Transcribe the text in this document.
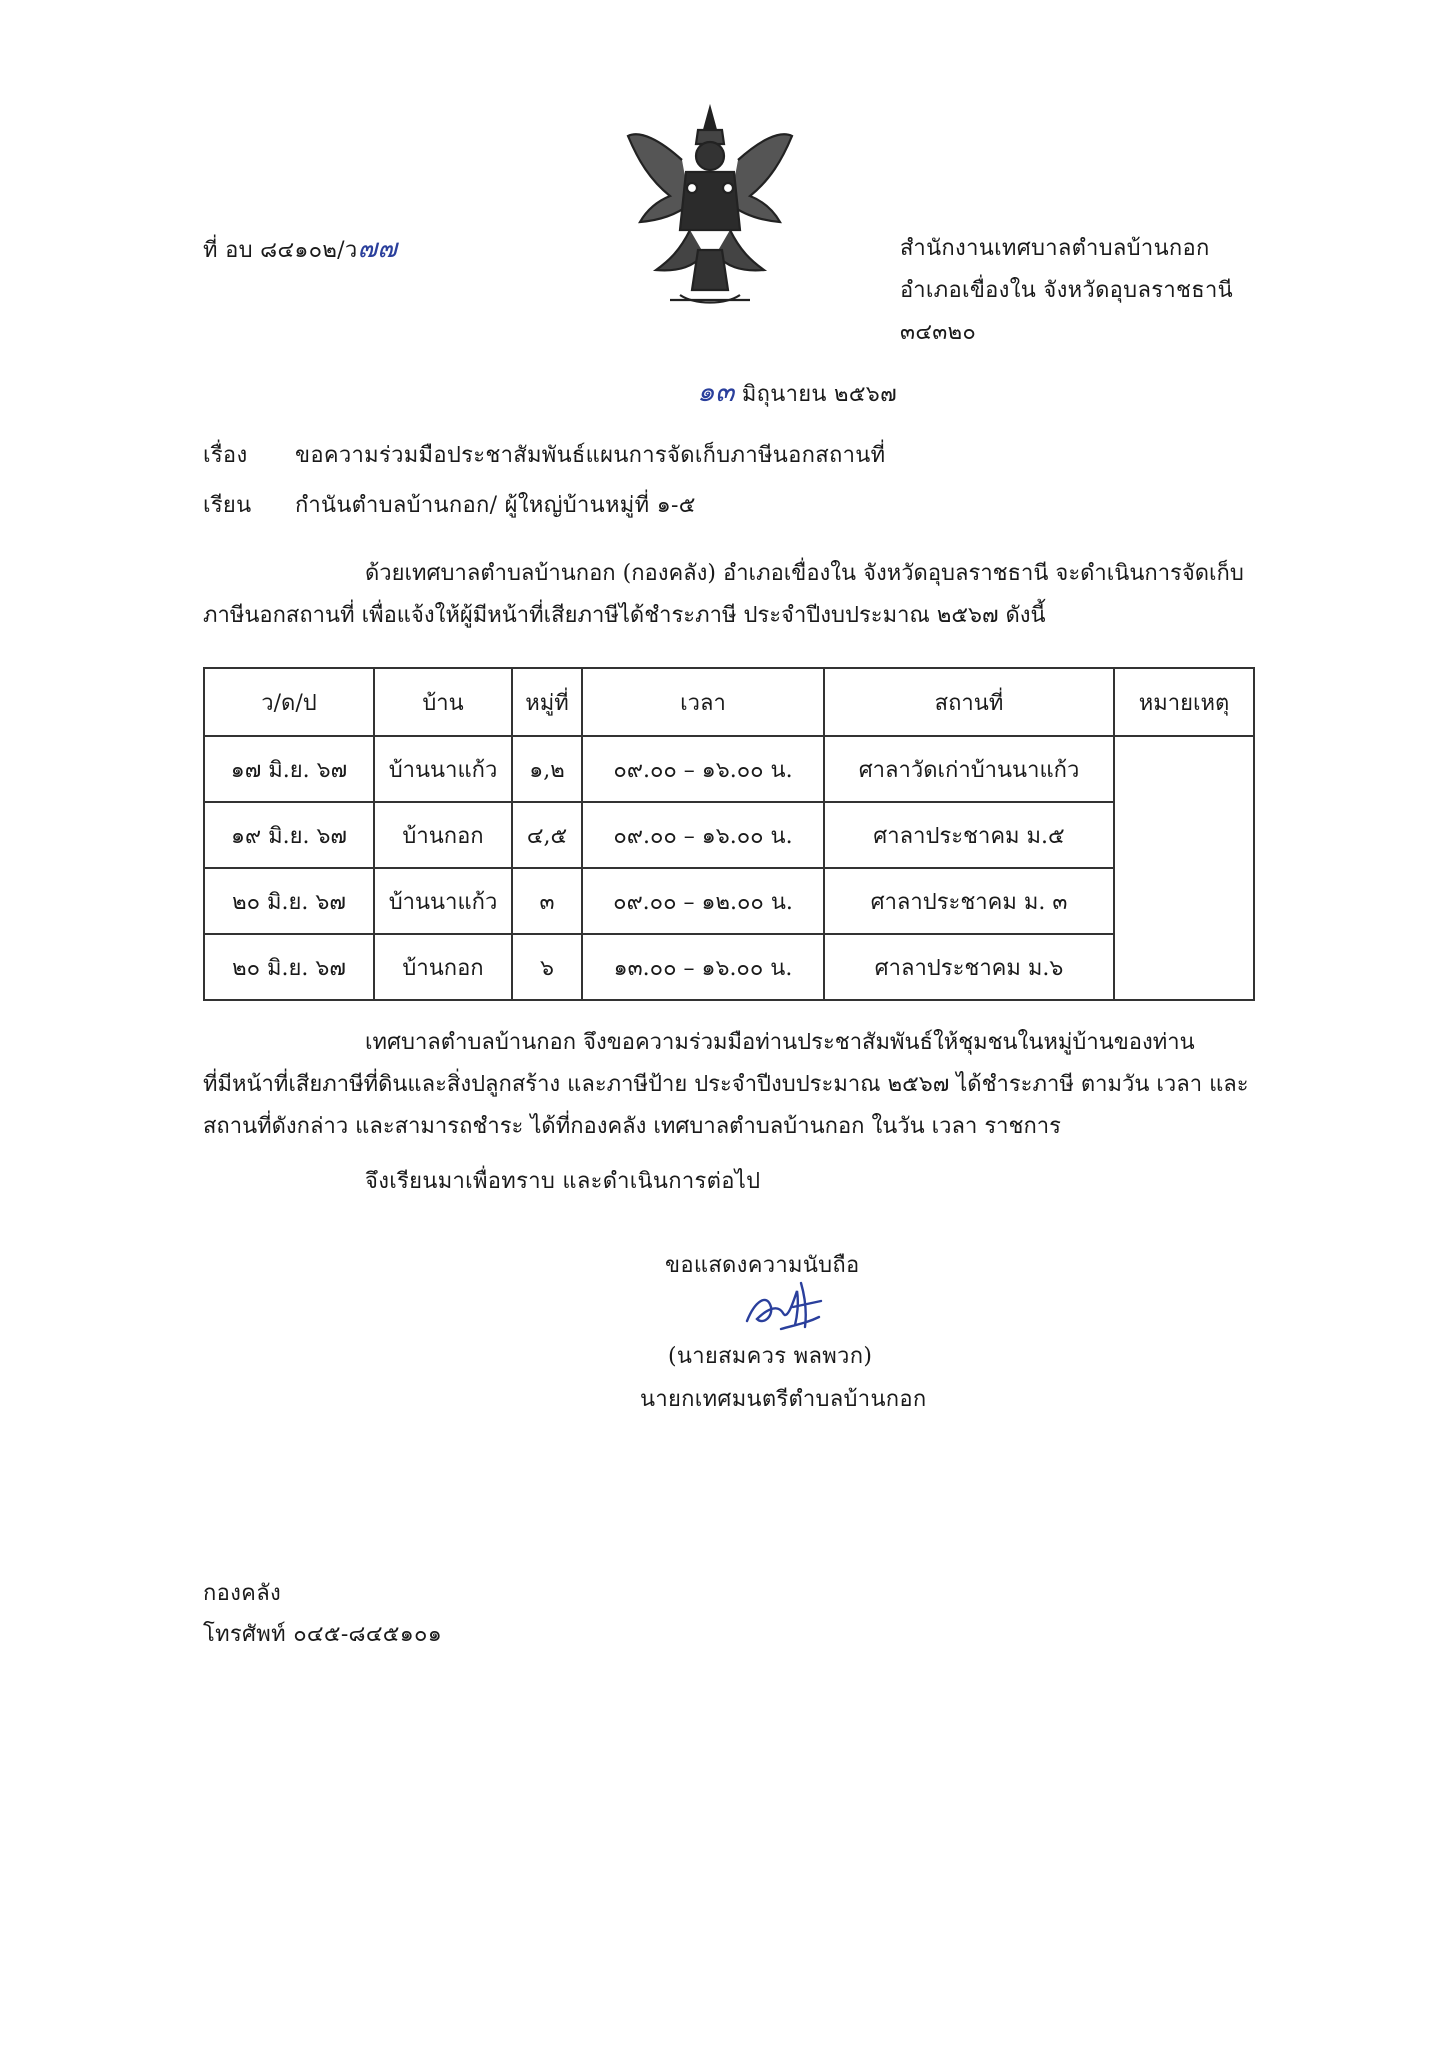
ที่ อบ ๘๔๑๐๒/ว๗๗	สำนักงานเทศบาลตำบลบ้านกอก
อำเภอเขื่องใน จังหวัดอุบลราชธานี
๓๔๓๒๐
๑๓ มิถุนายน ๒๕๖๗
เรื่อง ขอความร่วมมือประชาสัมพันธ์แผนการจัดเก็บภาษีนอกสถานที่
เรียน กำนันตำบลบ้านกอก/ ผู้ใหญ่บ้านหมู่ที่ ๑-๕
ด้วยเทศบาลตำบลบ้านกอก (กองคลัง) อำเภอเขื่องใน จังหวัดอุบลราชธานี จะดำเนินการจัดเก็บ
ภาษีนอกสถานที่ เพื่อแจ้งให้ผู้มีหน้าที่เสียภาษีได้ชำระภาษี ประจำปีงบประมาณ ๒๕๖๗ ดังนี้
ว/ด/ป	บ้าน	หมู่ที่	เวลา	สถานที่	หมายเหตุ
๑๗ มิ.ย. ๖๗	บ้านนาแก้ว	๑,๒	๐๙.๐๐ – ๑๖.๐๐ น.	ศาลาวัดเก่าบ้านนาแก้ว	
๑๙ มิ.ย. ๖๗	บ้านกอก	๔,๕	๐๙.๐๐ – ๑๖.๐๐ น.	ศาลาประชาคม ม.๕	
๒๐ มิ.ย. ๖๗	บ้านนาแก้ว	๓	๐๙.๐๐ – ๑๒.๐๐ น.	ศาลาประชาคม ม. ๓	
๒๐ มิ.ย. ๖๗	บ้านกอก	๖	๑๓.๐๐ – ๑๖.๐๐ น.	ศาลาประชาคม ม.๖	
เทศบาลตำบลบ้านกอก จึงขอความร่วมมือท่านประชาสัมพันธ์ให้ชุมชนในหมู่บ้านของท่าน
ที่มีหน้าที่เสียภาษีที่ดินและสิ่งปลูกสร้าง และภาษีป้าย ประจำปีงบประมาณ ๒๕๖๗ ได้ชำระภาษี ตามวัน เวลา และ
สถานที่ดังกล่าว และสามารถชำระ ได้ที่กองคลัง เทศบาลตำบลบ้านกอก ในวัน เวลา ราชการ
จึงเรียนมาเพื่อทราบ และดำเนินการต่อไป
ขอแสดงความนับถือ
(นายสมควร พลพวก)
นายกเทศมนตรีตำบลบ้านกอก
กองคลัง
โทรศัพท์ ๐๔๕-๘๔๕๑๐๑
